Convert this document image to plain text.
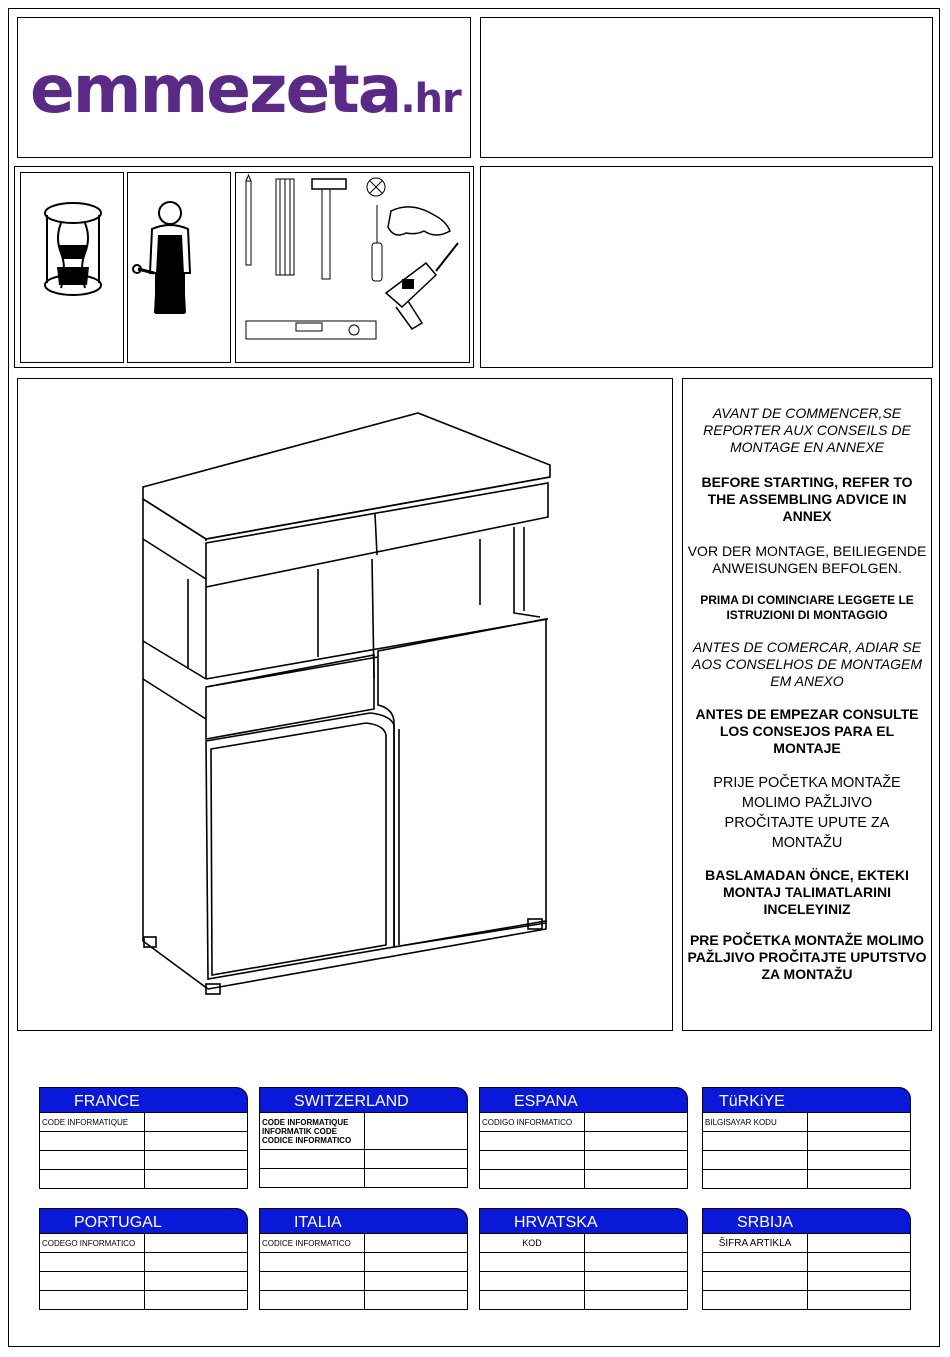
emmezeta.hr
AVANT DE COMMENCER,SE REPORTER AUX CONSEILS DE MONTAGE EN ANNEXE
BEFORE STARTING, REFER TO THE ASSEMBLING ADVICE IN ANNEX
VOR DER MONTAGE, BEILIEGENDE ANWEISUNGEN BEFOLGEN.
PRIMA DI COMINCIARE LEGGETE LE ISTRUZIONI DI MONTAGGIO
ANTES DE COMERCAR, ADIAR SE AOS CONSELHOS DE MONTAGEM EM ANEXO
ANTES DE EMPEZAR CONSULTE LOS CONSEJOS PARA EL MONTAJE
PRIJE POČETKA MONTAŽE MOLIMO PAŽLJIVO PROČITAJTE UPUTE ZA MONTAŽU
BASLAMADAN ÖNCE, EKTEKI MONTAJ TALIMATLARINI INCELEYINIZ
PRE POČETKA MONTAŽE MOLIMO PAŽLJIVO PROČITAJTE UPUTSTVO ZA MONTAŽU
FRANCE
CODE INFORMATIQUE	

SWITZERLAND
CODE INFORMATIQUE
INFORMATIK CODE
CODICE INFORMATICO	

ESPANA
CODIGO INFORMATICO	

TüRKiYE
BILGISAYAR KODU	

PORTUGAL
CODEGO INFORMATICO	

ITALIA
CODICE INFORMATICO	

HRVATSKA
KOD	

SRBIJA
ŠIFRA ARTIKLA	
